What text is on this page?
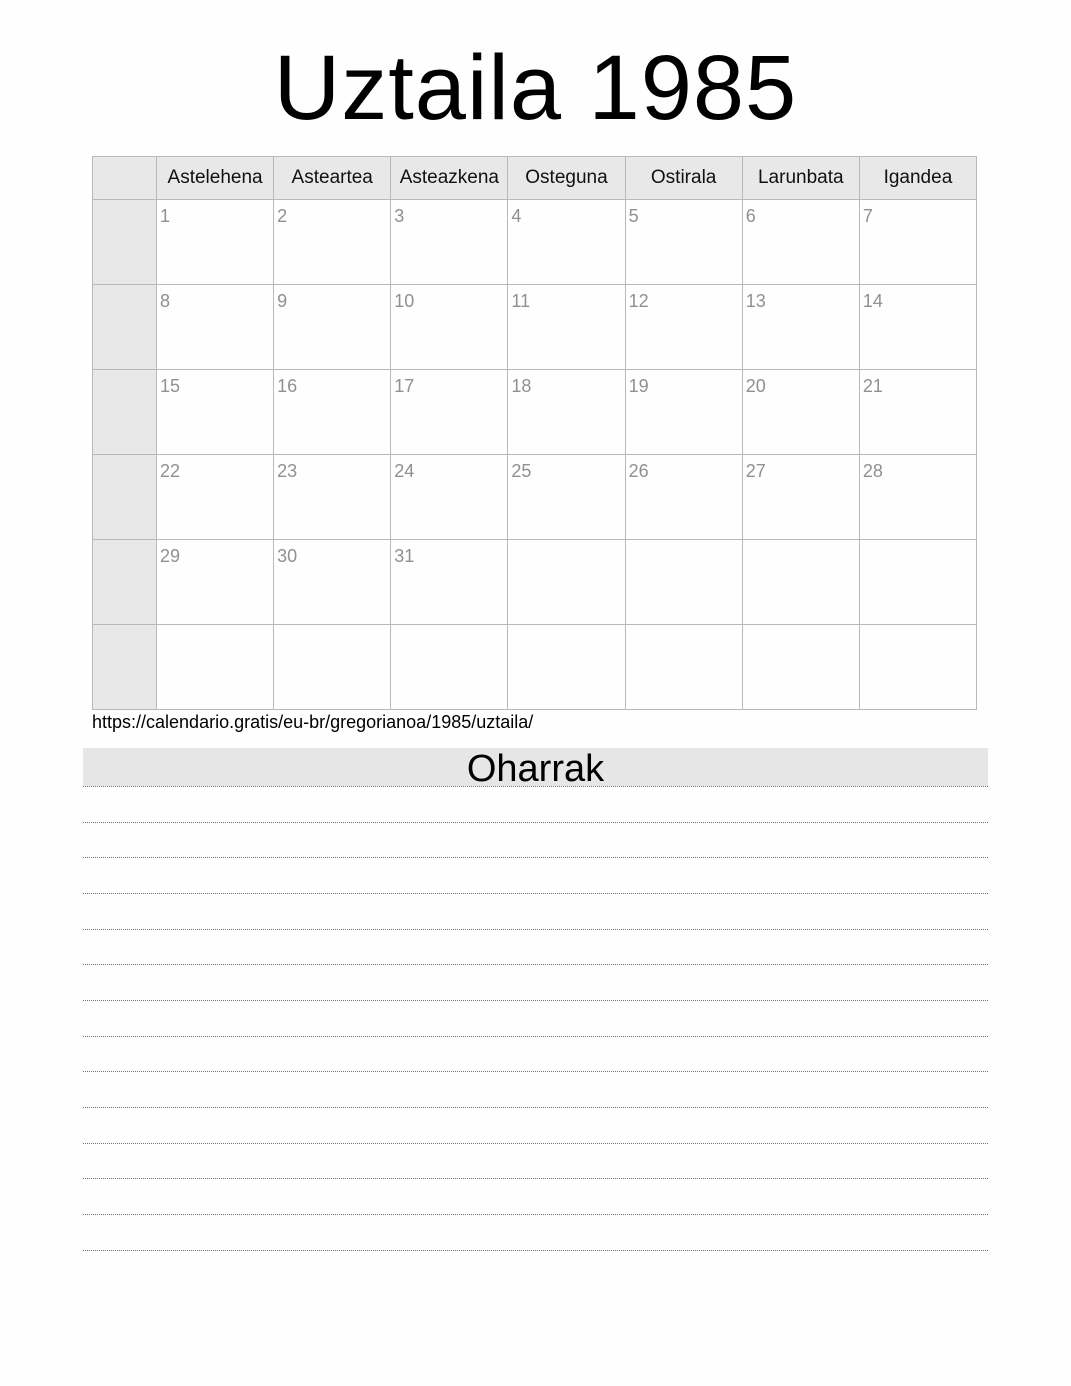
Uztaila 1985
	Astelehena	Asteartea	Asteazkena	Osteguna	Ostirala	Larunbata	Igandea

	1	2	3	4	5	6	7

	8	9	10	11	12	13	14

	15	16	17	18	19	20	21

	22	23	24	25	26	27	28

	29	30	31				

https://calendario.gratis/eu-br/gregorianoa/1985/uztaila/
Oharrak
